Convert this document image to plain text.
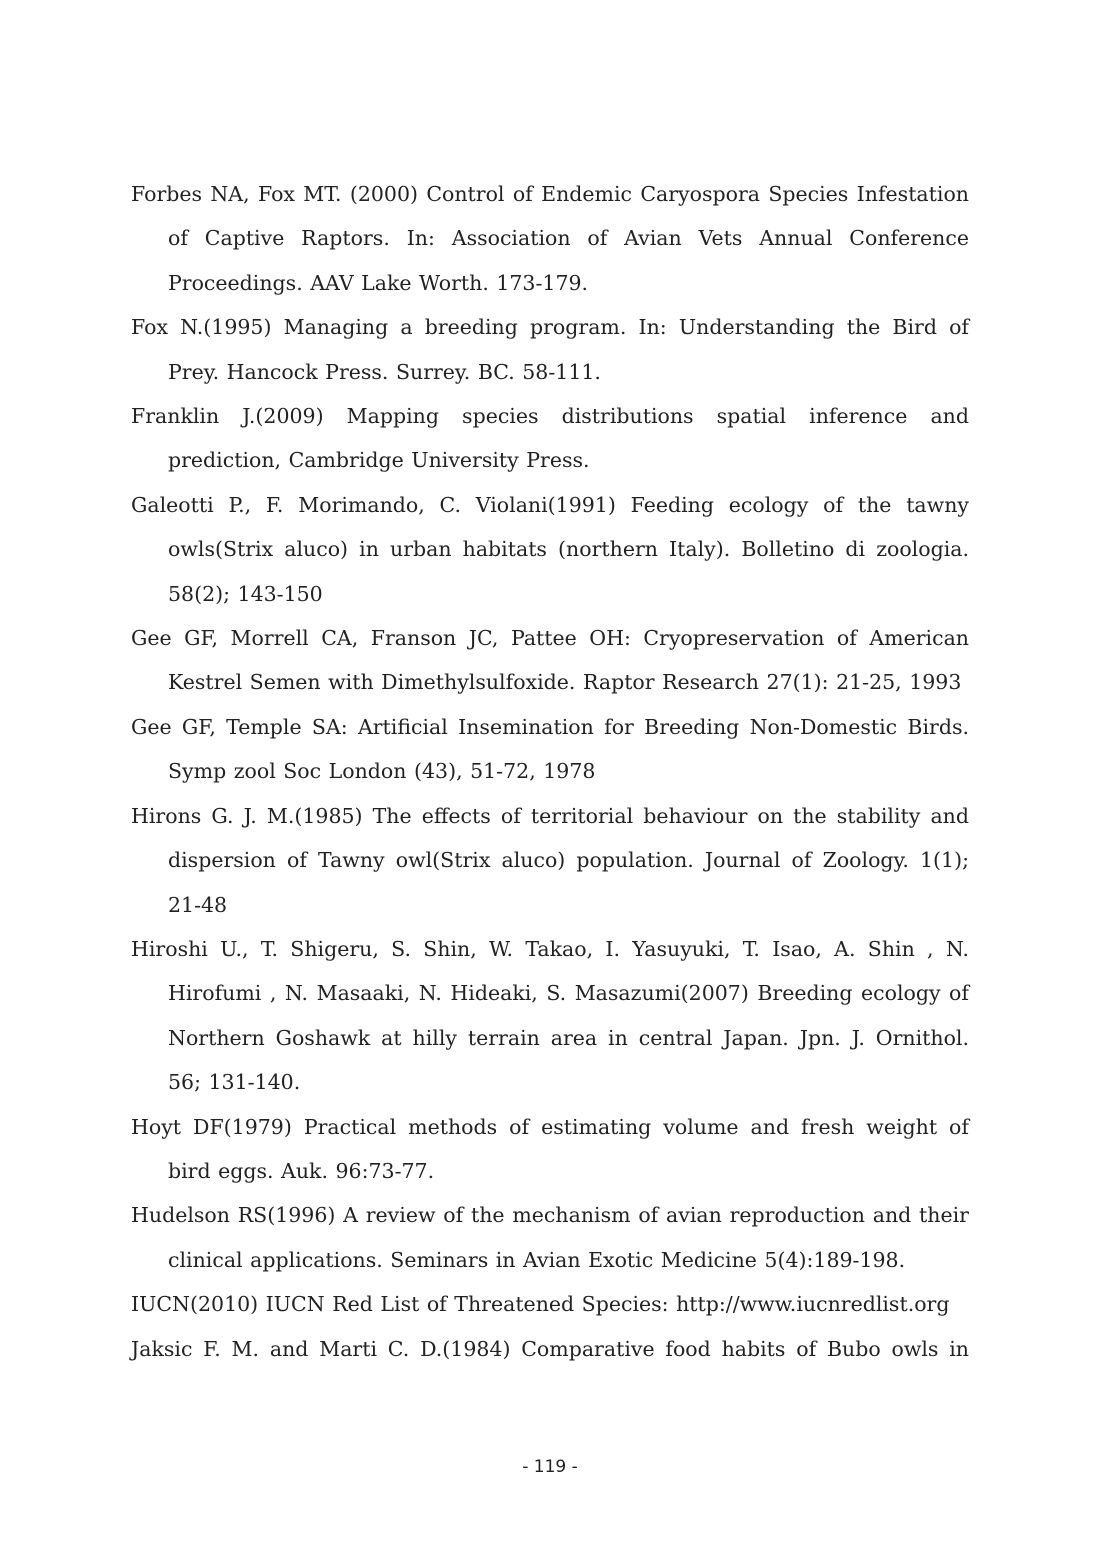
Forbes NA, Fox MT. (2000) Control of Endemic Caryospora Species Infestation of Captive Raptors. In: Association of Avian Vets Annual Conference Proceedings. AAV Lake Worth. 173-179.

Fox N.(1995) Managing a breeding program. In: Understanding the Bird of Prey. Hancock Press. Surrey. BC. 58-111.

Franklin J.(2009) Mapping species distributions spatial inference and prediction, Cambridge University Press.

Galeotti P., F. Morimando, C. Violani(1991) Feeding ecology of the tawny owls(Strix aluco) in urban habitats (northern Italy). Bolletino di zoologia. 58(2); 143-150

Gee GF, Morrell CA, Franson JC, Pattee OH: Cryopreservation of American Kestrel Semen with Dimethylsulfoxide. Raptor Research 27(1): 21-25, 1993

Gee GF, Temple SA: Artificial Insemination for Breeding Non-Domestic Birds. Symp zool Soc London (43), 51-72, 1978

Hirons G. J. M.(1985) The effects of territorial behaviour on the stability and dispersion of Tawny owl(Strix aluco) population. Journal of Zoology. 1(1); 21-48

Hiroshi U., T. Shigeru, S. Shin, W. Takao, I. Yasuyuki, T. Isao, A. Shin , N. Hirofumi , N. Masaaki, N. Hideaki, S. Masazumi(2007) Breeding ecology of Northern Goshawk at hilly terrain area in central Japan. Jpn. J. Ornithol. 56; 131‐140.

Hoyt DF(1979) Practical methods of estimating volume and fresh weight of bird eggs. Auk. 96:73-77.

Hudelson RS(1996) A review of the mechanism of avian reproduction and their clinical applications. Seminars in Avian Exotic Medicine 5(4):189-198.

IUCN(2010) IUCN Red List of Threatened Species: http://www.iucnredlist.org

Jaksic F. M. and Marti C. D.(1984) Comparative food habits of Bubo owls in

- 119 -
